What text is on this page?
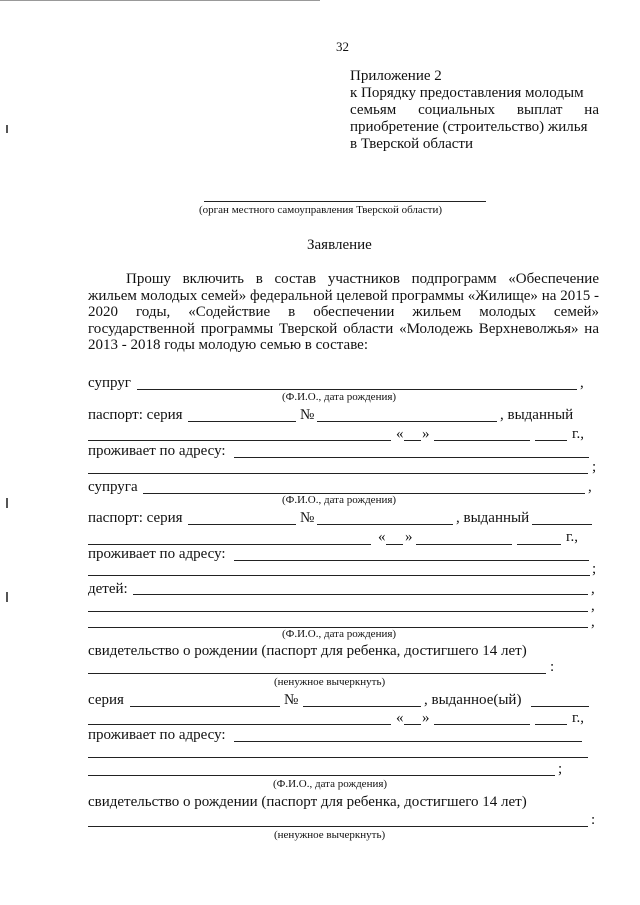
32
Приложение 2
к Порядку предоставления молодым
семьям социальных выплат на
приобретение (строительство) жилья
в Тверской области
(орган местного самоуправления Тверской области)
Заявление
Прошу включить в состав участников подпрограмм «Обеспечение жильем молодых семей» федеральной целевой программы «Жилище» на 2015 - 2020 годы, «Содействие в обеспечении жильем молодых семей» государственной программы Тверской области «Молодежь Верхневолжья» на 2013 - 2018 годы молодую семью в составе:
супруг	,
(Ф.И.О., дата рождения)
паспорт: серия	№	, выданный
« »	г.,
проживает по адресу:
;
супруга	,
(Ф.И.О., дата рождения)
паспорт: серия	№	, выданный
« »	г.,
проживает по адресу:
;
детей:	,
,
,
(Ф.И.О., дата рождения)
свидетельство о рождении (паспорт для ребенка, достигшего 14 лет)
:
(ненужное вычеркнуть)
серия	№	, выданное(ый)
« »	г.,
проживает по адресу:
;
(Ф.И.О., дата рождения)
свидетельство о рождении (паспорт для ребенка, достигшего 14 лет)
:
(ненужное вычеркнуть)
